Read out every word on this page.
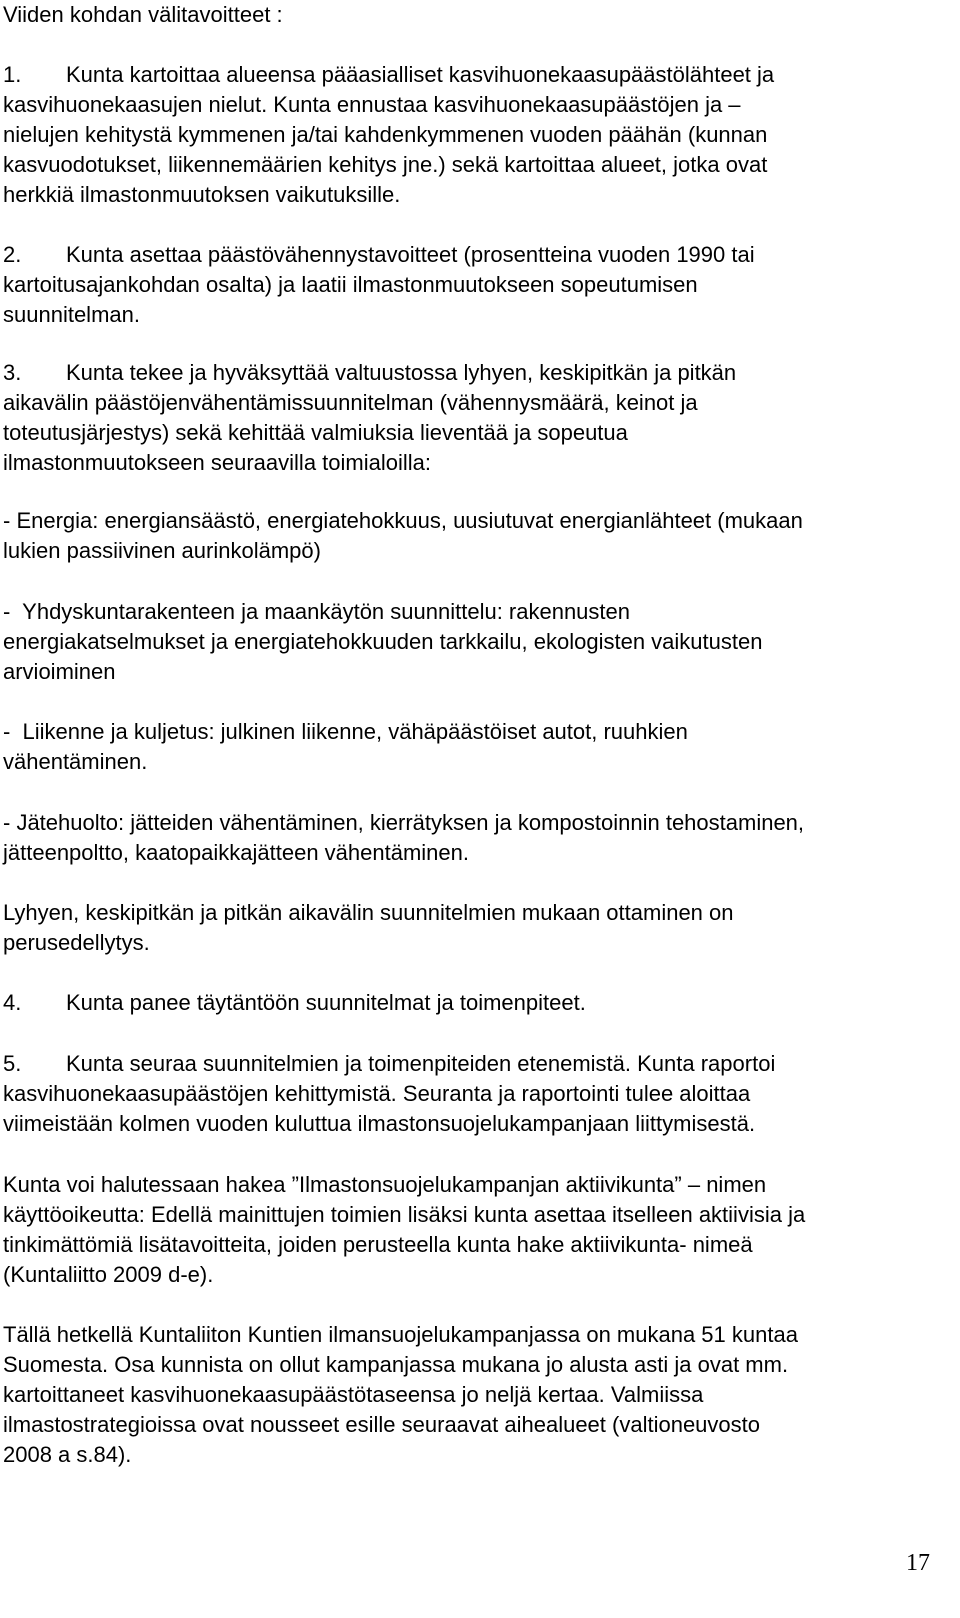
Viiden kohdan välitavoitteet :
1.	Kunta kartoittaa alueensa pääasialliset kasvihuonekaasupäästölähteet ja
kasvihuonekaasujen nielut. Kunta ennustaa kasvihuonekaasupäästöjen ja –
nielujen kehitystä kymmenen ja/tai kahdenkymmenen vuoden päähän (kunnan
kasvuodotukset, liikennemäärien kehitys jne.) sekä kartoittaa alueet, jotka ovat
herkkiä ilmastonmuutoksen vaikutuksille.
2.	Kunta asettaa päästövähennystavoitteet (prosentteina vuoden 1990 tai
kartoitusajankohdan osalta) ja laatii ilmastonmuutokseen sopeutumisen
suunnitelman.
3.	Kunta tekee ja hyväksyttää valtuustossa lyhyen, keskipitkän ja pitkän
aikavälin päästöjenvähentämissuunnitelman (vähennysmäärä, keinot ja
toteutusjärjestys) sekä kehittää valmiuksia lieventää ja sopeutua
ilmastonmuutokseen seuraavilla toimialoilla:
- Energia: energiansäästö, energiatehokkuus, uusiutuvat energianlähteet (mukaan
lukien passiivinen aurinkolämpö)
-  Yhdyskuntarakenteen ja maankäytön suunnittelu: rakennusten
energiakatselmukset ja energiatehokkuuden tarkkailu, ekologisten vaikutusten
arvioiminen
-  Liikenne ja kuljetus: julkinen liikenne, vähäpäästöiset autot, ruuhkien
vähentäminen.
- Jätehuolto: jätteiden vähentäminen, kierrätyksen ja kompostoinnin tehostaminen,
jätteenpoltto, kaatopaikkajätteen vähentäminen.
Lyhyen, keskipitkän ja pitkän aikavälin suunnitelmien mukaan ottaminen on
perusedellytys.
4.	Kunta panee täytäntöön suunnitelmat ja toimenpiteet.
5.	Kunta seuraa suunnitelmien ja toimenpiteiden etenemistä. Kunta raportoi
kasvihuonekaasupäästöjen kehittymistä. Seuranta ja raportointi tulee aloittaa
viimeistään kolmen vuoden kuluttua ilmastonsuojelukampanjaan liittymisestä.
Kunta voi halutessaan hakea ”Ilmastonsuojelukampanjan aktiivikunta” – nimen
käyttöoikeutta: Edellä mainittujen toimien lisäksi kunta asettaa itselleen aktiivisia ja
tinkimättömiä lisätavoitteita, joiden perusteella kunta hake aktiivikunta- nimeä
(Kuntaliitto 2009 d-e).
Tällä hetkellä Kuntaliiton Kuntien ilmansuojelukampanjassa on mukana 51 kuntaa
Suomesta. Osa kunnista on ollut kampanjassa mukana jo alusta asti ja ovat mm.
kartoittaneet kasvihuonekaasupäästötaseensa jo neljä kertaa. Valmiissa
ilmastostrategioissa ovat nousseet esille seuraavat aihealueet (valtioneuvosto
2008 a s.84).
17
